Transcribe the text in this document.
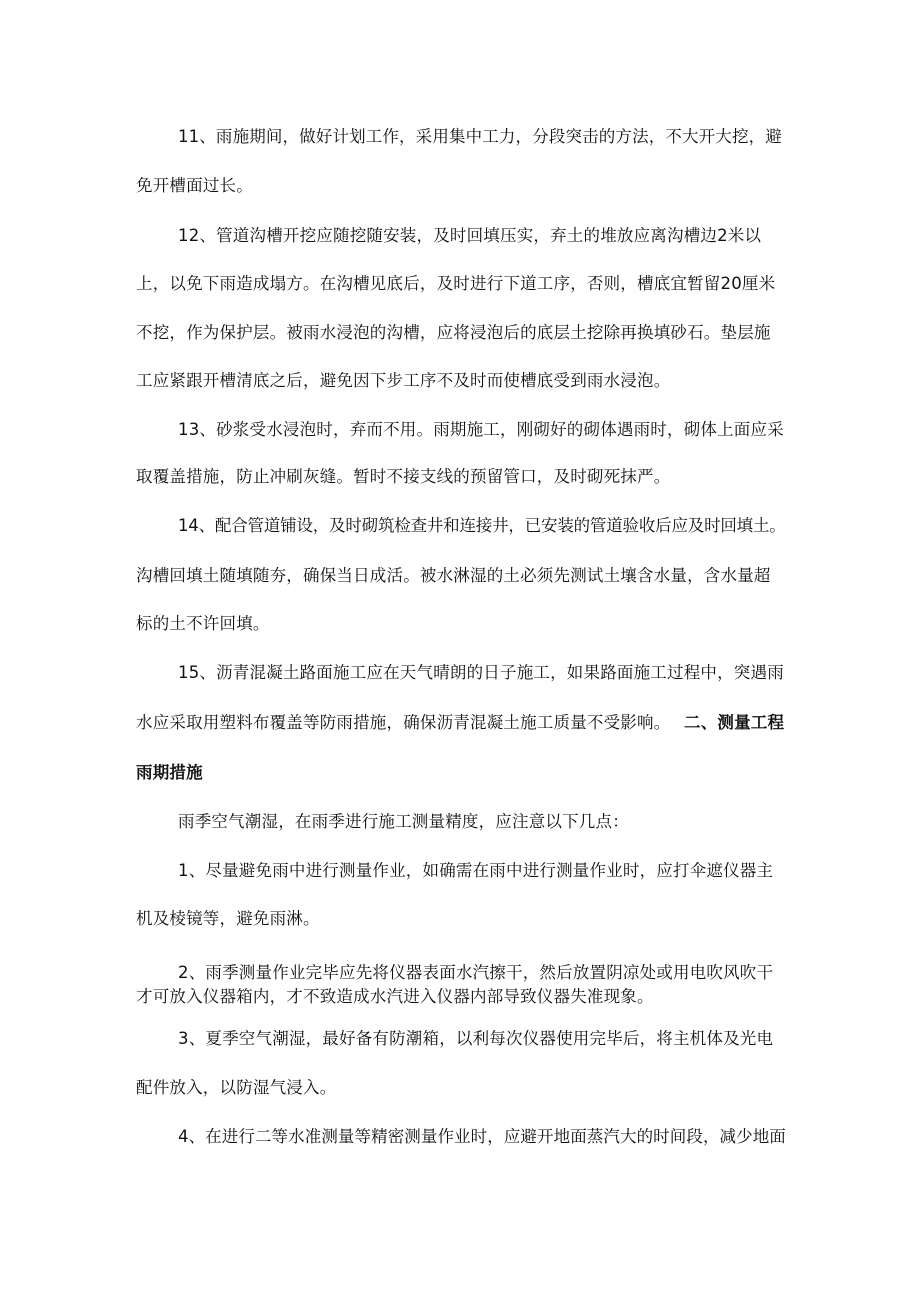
11、雨施期间，做好计划工作，采用集中工力，分段突击的方法，不大开大挖，避
免开槽面过长。
12、管道沟槽开挖应随挖随安装，及时回填压实，弃土的堆放应离沟槽边2米以
上，以免下雨造成塌方。在沟槽见底后，及时进行下道工序，否则，槽底宜暂留20厘米
不挖，作为保护层。被雨水浸泡的沟槽，应将浸泡后的底层土挖除再换填砂石。垫层施
工应紧跟开槽清底之后，避免因下步工序不及时而使槽底受到雨水浸泡。
13、砂浆受水浸泡时，弃而不用。雨期施工，刚砌好的砌体遇雨时，砌体上面应采
取覆盖措施，防止冲刷灰缝。暂时不接支线的预留管口，及时砌死抹严。
14、配合管道铺设，及时砌筑检查井和连接井，已安装的管道验收后应及时回填土。
沟槽回填土随填随夯，确保当日成活。被水淋湿的土必须先测试土壤含水量，含水量超
标的土不许回填。
15、沥青混凝土路面施工应在天气晴朗的日子施工，如果路面施工过程中，突遇雨
水应采取用塑料布覆盖等防雨措施，确保沥青混凝土施工质量不受影响。 二、测量工程
雨期措施
雨季空气潮湿，在雨季进行施工测量精度，应注意以下几点：
1、尽量避免雨中进行测量作业，如确需在雨中进行测量作业时，应打伞遮仪器主
机及棱镜等，避免雨淋。
2、雨季测量作业完毕应先将仪器表面水汽擦干，然后放置阴凉处或用电吹风吹干
才可放入仪器箱内，才不致造成水汽进入仪器内部导致仪器失准现象。
3、夏季空气潮湿，最好备有防潮箱，以利每次仪器使用完毕后，将主机体及光电
配件放入，以防湿气浸入。
4、在进行二等水准测量等精密测量作业时，应避开地面蒸汽大的时间段，减少地面
